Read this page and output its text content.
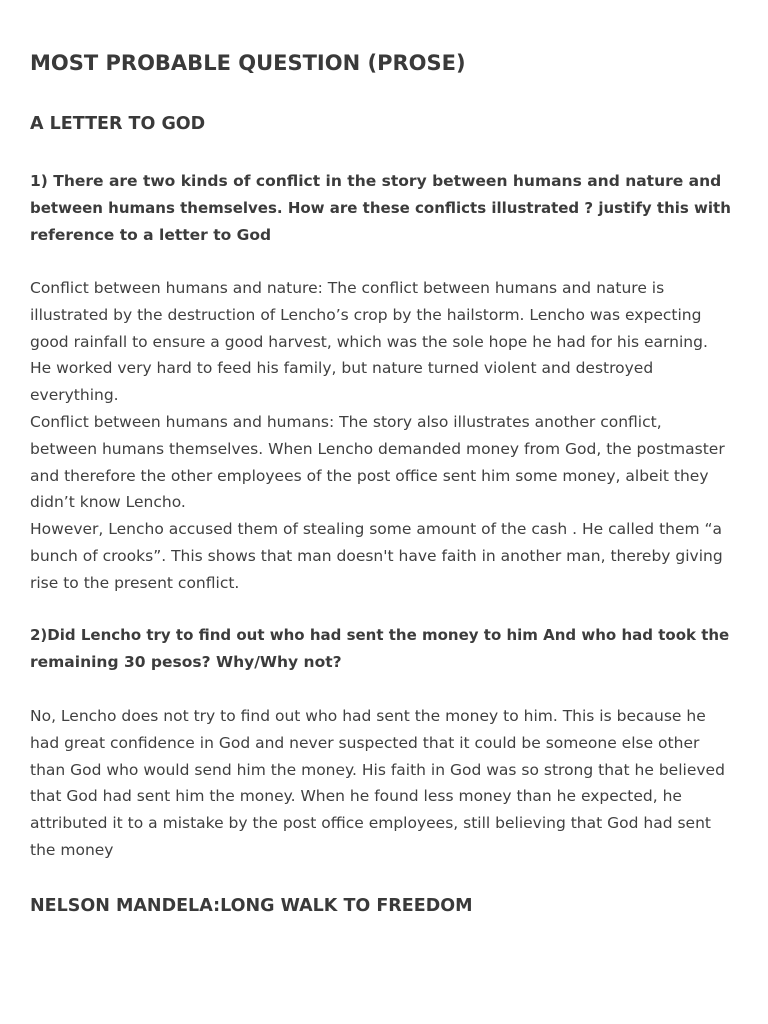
MOST PROBABLE QUESTION (PROSE)
A LETTER TO GOD
1) There are two kinds of conflict in the story between humans and nature and
between humans themselves. How are these conflicts illustrated ? justify this with
reference to a letter to God
Conflict between humans and nature: The conflict between humans and nature is
illustrated by the destruction of Lencho’s crop by the hailstorm. Lencho was expecting
good rainfall to ensure a good harvest, which was the sole hope he had for his earning.
He worked very hard to feed his family, but nature turned violent and destroyed
everything.
Conflict between humans and humans: The story also illustrates another conflict,
between humans themselves. When Lencho demanded money from God, the postmaster
and therefore the other employees of the post office sent him some money, albeit they
didn’t know Lencho.
However, Lencho accused them of stealing some amount of the cash . He called them “a
bunch of crooks”. This shows that man doesn't have faith in another man, thereby giving
rise to the present conflict.
2)Did Lencho try to find out who had sent the money to him And who had took the
remaining 30 pesos? Why/Why not?
No, Lencho does not try to find out who had sent the money to him. This is because he
had great confidence in God and never suspected that it could be someone else other
than God who would send him the money. His faith in God was so strong that he believed
that God had sent him the money. When he found less money than he expected, he
attributed it to a mistake by the post office employees, still believing that God had sent
the money
NELSON MANDELA:LONG WALK TO FREEDOM
